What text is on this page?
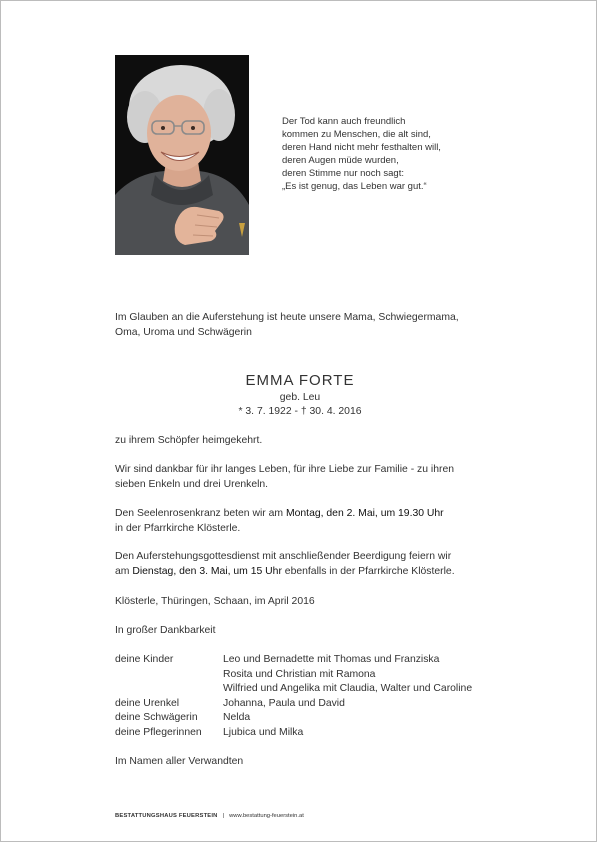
Der Tod kann auch freundlich
kommen zu Menschen, die alt sind,
deren Hand nicht mehr festhalten will,
deren Augen müde wurden,
deren Stimme nur noch sagt:
„Es ist genug, das Leben war gut.“
Im Glauben an die Auferstehung ist heute unsere Mama, Schwiegermama,
Oma, Uroma und Schwägerin
EMMA FORTE
geb. Leu
* 3. 7. 1922 - † 30. 4. 2016
zu ihrem Schöpfer heimgekehrt.
Wir sind dankbar für ihr langes Leben, für ihre Liebe zur Familie - zu ihren
sieben Enkeln und drei Urenkeln.
Den Seelenrosenkranz beten wir am Montag, den 2. Mai, um 19.30 Uhr
in der Pfarrkirche Klösterle.
Den Auferstehungsgottesdienst mit anschließender Beerdigung feiern wir
am Dienstag, den 3. Mai, um 15 Uhr ebenfalls in der Pfarrkirche Klösterle.
Klösterle, Thüringen, Schaan, im April 2016
In großer Dankbarkeit
deine Kinder	Leo und Bernadette mit Thomas und Franziska
Rosita und Christian mit Ramona
Wilfried und Angelika mit Claudia, Walter und Caroline
deine Urenkel	Johanna, Paula und David
deine Schwägerin	Nelda
deine Pflegerinnen	Ljubica und Milka
Im Namen aller Verwandten
BESTATTUNGSHAUS FEUERSTEIN | www.bestattung-feuerstein.at
